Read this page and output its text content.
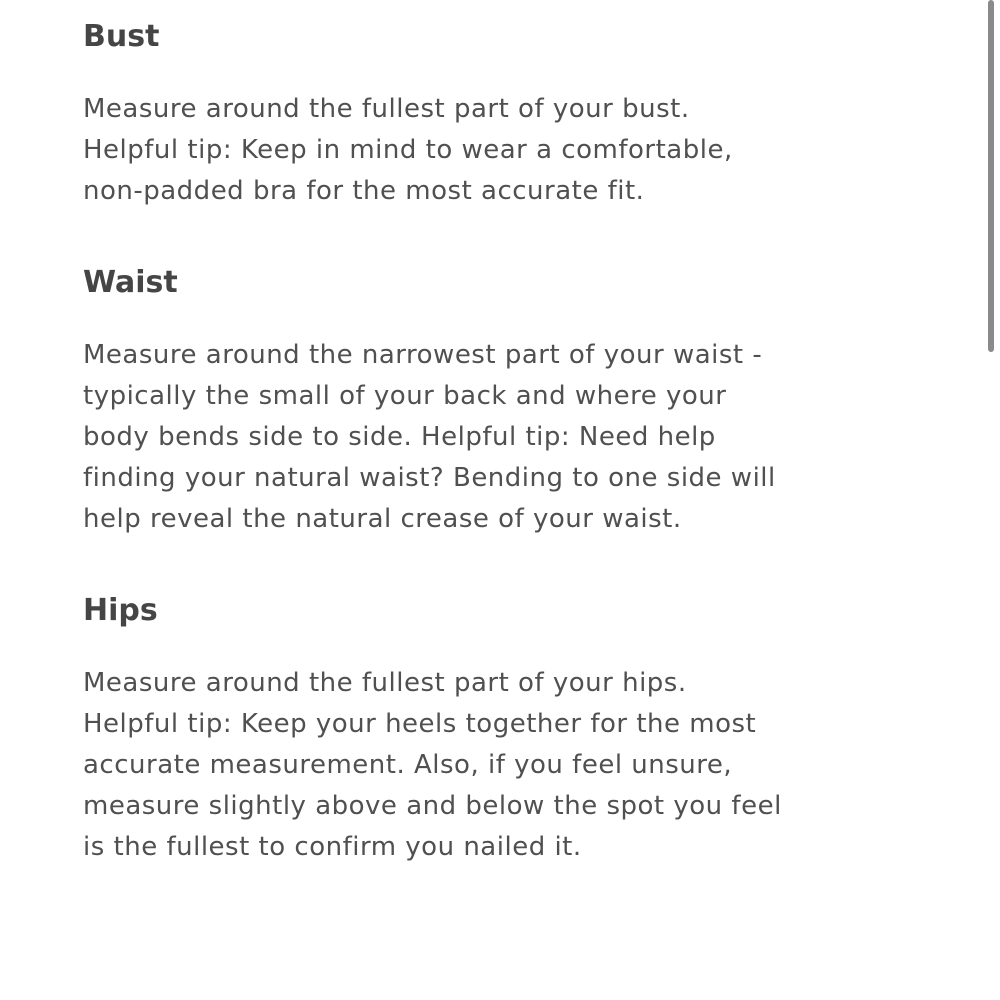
Bust

Measure around the fullest part of your bust.
Helpful tip: Keep in mind to wear a comfortable,
non-padded bra for the most accurate fit.

Waist

Measure around the narrowest part of your waist -
typically the small of your back and where your
body bends side to side. Helpful tip: Need help
finding your natural waist? Bending to one side will
help reveal the natural crease of your waist.

Hips

Measure around the fullest part of your hips.
Helpful tip: Keep your heels together for the most
accurate measurement. Also, if you feel unsure,
measure slightly above and below the spot you feel
is the fullest to confirm you nailed it.
